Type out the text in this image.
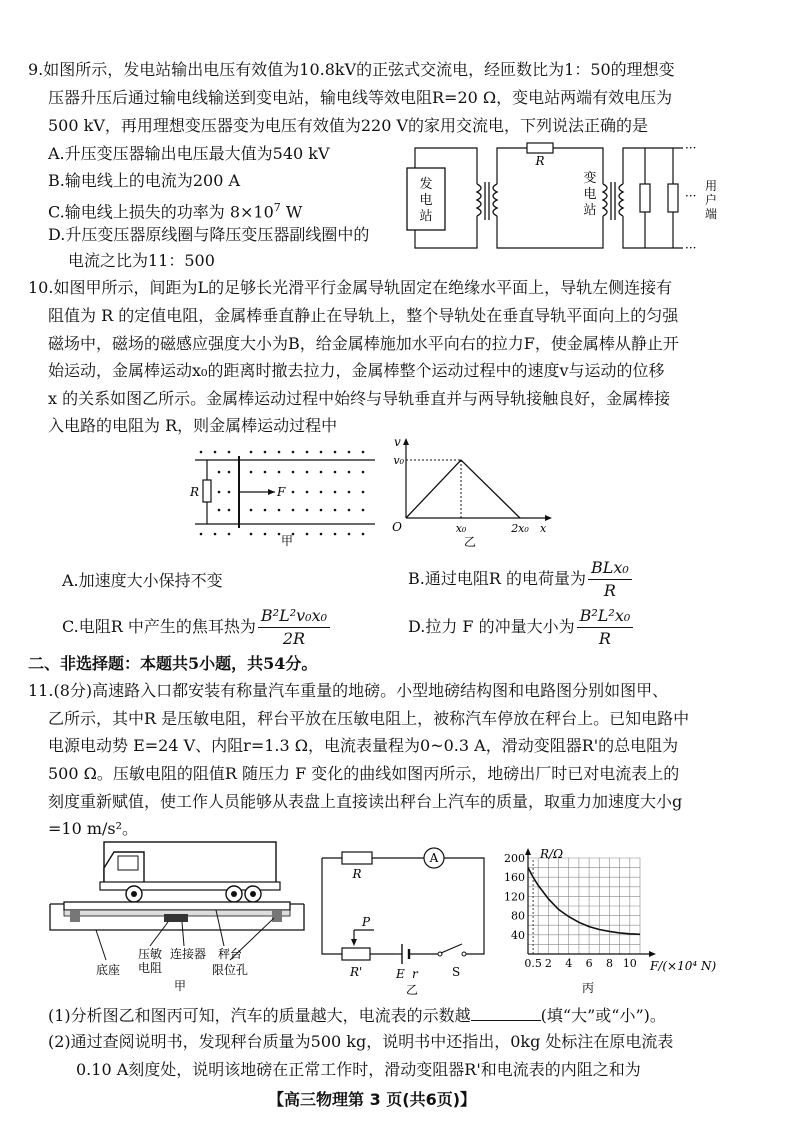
9.如图所示，发电站输出电压有效值为10.8kV的正弦式交流电，经匝数比为1：50的理想变
压器升压后通过输电线输送到变电站，输电线等效电阻R=20 Ω，变电站两端有效电压为
500 kV，再用理想变压器变为电压有效值为220 V的家用交流电，下列说法正确的是
A.升压变压器输出电压最大值为540 kV
B.输电线上的电流为200 A
C.输电线上损失的功率为 $8\times 10^7$ W
D.升压变压器原线圈与降压变压器副线圈中的
电流之比为11：500
发
电
站
R
变
电
站
···
···
···
用
户
端
10.如图甲所示，间距为L的足够长光滑平行金属导轨固定在绝缘水平面上，导轨左侧连接有
阻值为 R 的定值电阻，金属棒垂直静止在导轨上，整个导轨处在垂直导轨平面向上的匀强
磁场中，磁场的磁感应强度大小为B，给金属棒施加水平向右的拉力F，使金属棒从静止开
始运动，金属棒运动x₀的距离时撤去拉力，金属棒整个运动过程中的速度v与运动的位移
x 的关系如图乙所示。金属棒运动过程中始终与导轨垂直并与两导轨接触良好，金属棒接
入电路的电阻为 R，则金属棒运动过程中
R	F
甲
v
v₀
O	x₀	2x₀ x
乙
A.加速度大小保持不变	B.通过电阻R 的电荷量为 $\frac{\text{BLx₀}}{R}$
C.电阻R 中产生的焦耳热为 $\frac{\text{B²L²v₀x₀}}{2R}$	D.拉力 F 的冲量大小为 $\frac{\text{B²L²x₀}}{R}$
二、非选择题：本题共5小题，共54分。
11.(8分)高速路入口都安装有称量汽车重量的地磅。小型地磅结构图和电路图分别如图甲、
乙所示，其中R 是压敏电阻，秤台平放在压敏电阻上，被称汽车停放在秤台上。已知电路中
电源电动势 E=24 V、内阻r=1.3 Ω，电流表量程为0~0.3 A，滑动变阻器R'的总电阻为
500 Ω。压敏电阻的阻值R 随压力 F 变化的曲线如图丙所示，地磅出厂时已对电流表上的
刻度重新赋值，使工作人员能够从表盘上直接读出秤台上汽车的质量，取重力加速度大小g
=10 m/s²。
底座
压敏
电阻
连接器 秤台
限位孔
甲
R
A
P
R'	E r	S
乙
200
160
120
80
40
0.5 2 4 6 8 10
R/Ω
F/(×10⁴ N)
丙
(1)分析图乙和图丙可知，汽车的质量越大，电流表的示数越	(填“大”或“小”)。
(2)通过查阅说明书，发现秤台质量为500 kg，说明书中还指出，0kg 处标注在原电流表
0.10 A刻度处，说明该地磅在正常工作时，滑动变阻器R'和电流表的内阻之和为
【高三物理第 3 页(共6页)】
